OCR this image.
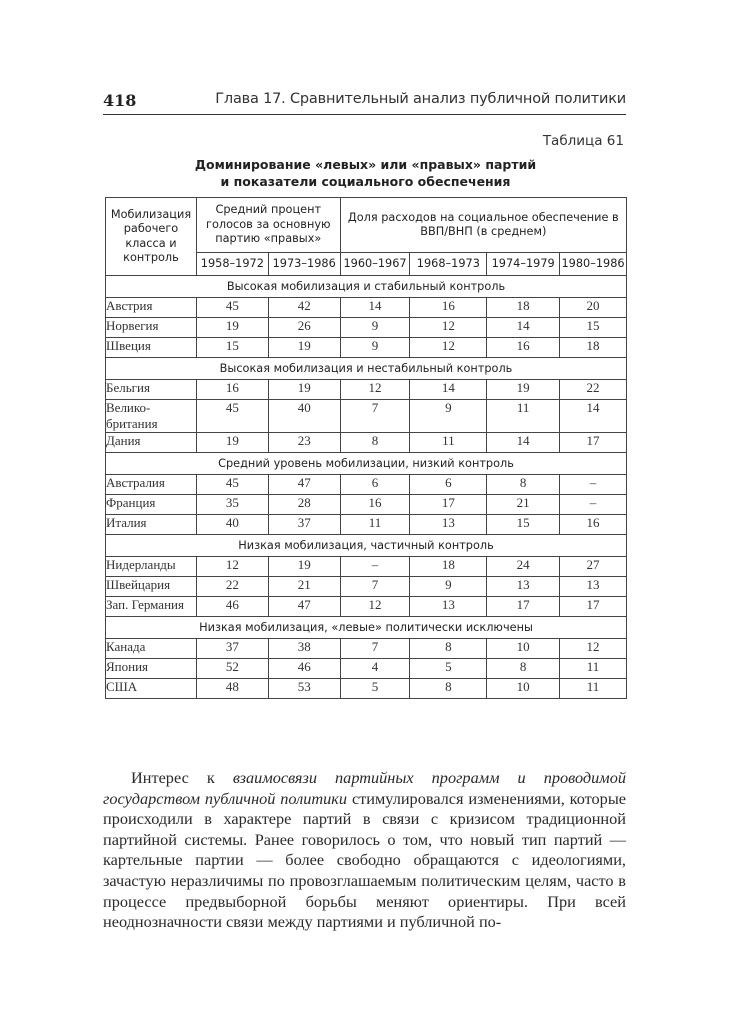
418	Глава 17. Сравнительный анализ публичной политики
Таблица 61
Доминирование «левых» или «правых» партий
и показатели социального обеспечения
Мобилизация рабочего класса и контроль	Средний процент голосов за основную партию «правых»		Доля расходов на социальное обеспечение в ВВП/ВНП (в среднем)			
	1958–1972	1973–1986	1960–1967	1968–1973	1974–1979	1980–1986
Высокая мобилизация и стабильный контроль						
Австрия	45	42	14	16	18	20
Норвегия	19	26	9	12	14	15
Швеция	15	19	9	12	16	18
Высокая мобилизация и нестабильный контроль						
Бельгия	16	19	12	14	19	22
Велико-
британия	45	40	7	9	11	14
Дания	19	23	8	11	14	17
Средний уровень мобилизации, низкий контроль						
Австралия	45	47	6	6	8	–
Франция	35	28	16	17	21	–
Италия	40	37	11	13	15	16
Низкая мобилизация, частичный контроль						
Нидерланды	12	19	–	18	24	27
Швейцария	22	21	7	9	13	13
Зап. Германия	46	47	12	13	17	17
Низкая мобилизация, «левые» политически исключены						
Канада	37	38	7	8	10	12
Япония	52	46	4	5	8	11
США	48	53	5	8	10	11

Интерес к взаимосвязи партийных программ и проводимой государством публичной политики стимулировался изменениями, которые происходили в характере партий в связи с кризисом традиционной партийной системы. Ранее говорилось о том, что новый тип партий — картельные партии — более свободно обращаются с идеологиями, зачастую неразличимы по провозглашаемым политическим целям, часто в процессе предвыборной борьбы меняют ориентиры. При всей неоднозначности связи между партиями и публичной по-
